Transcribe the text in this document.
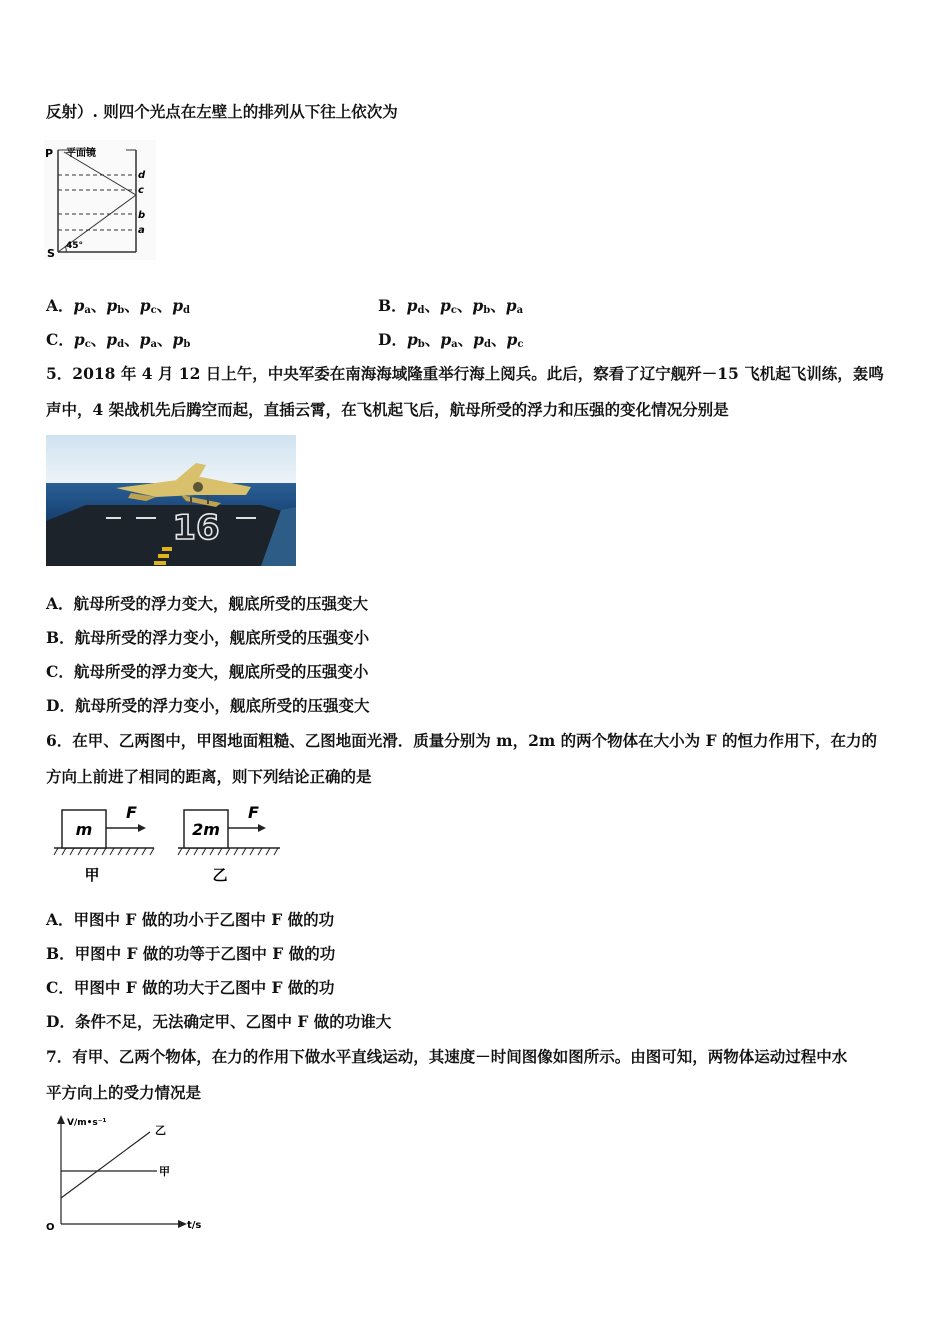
反射）. 则四个光点在左壁上的排列从下往上依次为
P 平面镜
S
45°
d
c
b
a
A．$p_a$、$p_b$、$p_c$、$p_d$	B．$p_d$、$p_c$、$p_b$、$p_a$
C．$p_c$、$p_d$、$p_a$、$p_b$	D．$p_b$、$p_a$、$p_d$、$p_c$
5．2018 年 4 月 12 日上午，中央军委在南海海域隆重举行海上阅兵。此后，察看了辽宁舰歼－15 飞机起飞训练，轰鸣
声中，4 架战机先后腾空而起，直插云霄，在飞机起飞后，航母所受的浮力和压强的变化情况分别是
16
A．航母所受的浮力变大，舰底所受的压强变大
B．航母所受的浮力变小，舰底所受的压强变小
C．航母所受的浮力变大，舰底所受的压强变小
D．航母所受的浮力变小，舰底所受的压强变大
6．在甲、乙两图中，甲图地面粗糙、乙图地面光滑．质量分别为 m，2m 的两个物体在大小为 F 的恒力作用下，在力的
方向上前进了相同的距离，则下列结论正确的是
m
F
甲
2m
F
乙
A．甲图中 F 做的功小于乙图中 F 做的功
B．甲图中 F 做的功等于乙图中 F 做的功
C．甲图中 F 做的功大于乙图中 F 做的功
D．条件不足，无法确定甲、乙图中 F 做的功谁大
7．有甲、乙两个物体，在力的作用下做水平直线运动，其速度－时间图像如图所示。由图可知，两物体运动过程中水
平方向上的受力情况是
V/m•s⁻¹
t/s
O
甲
乙
